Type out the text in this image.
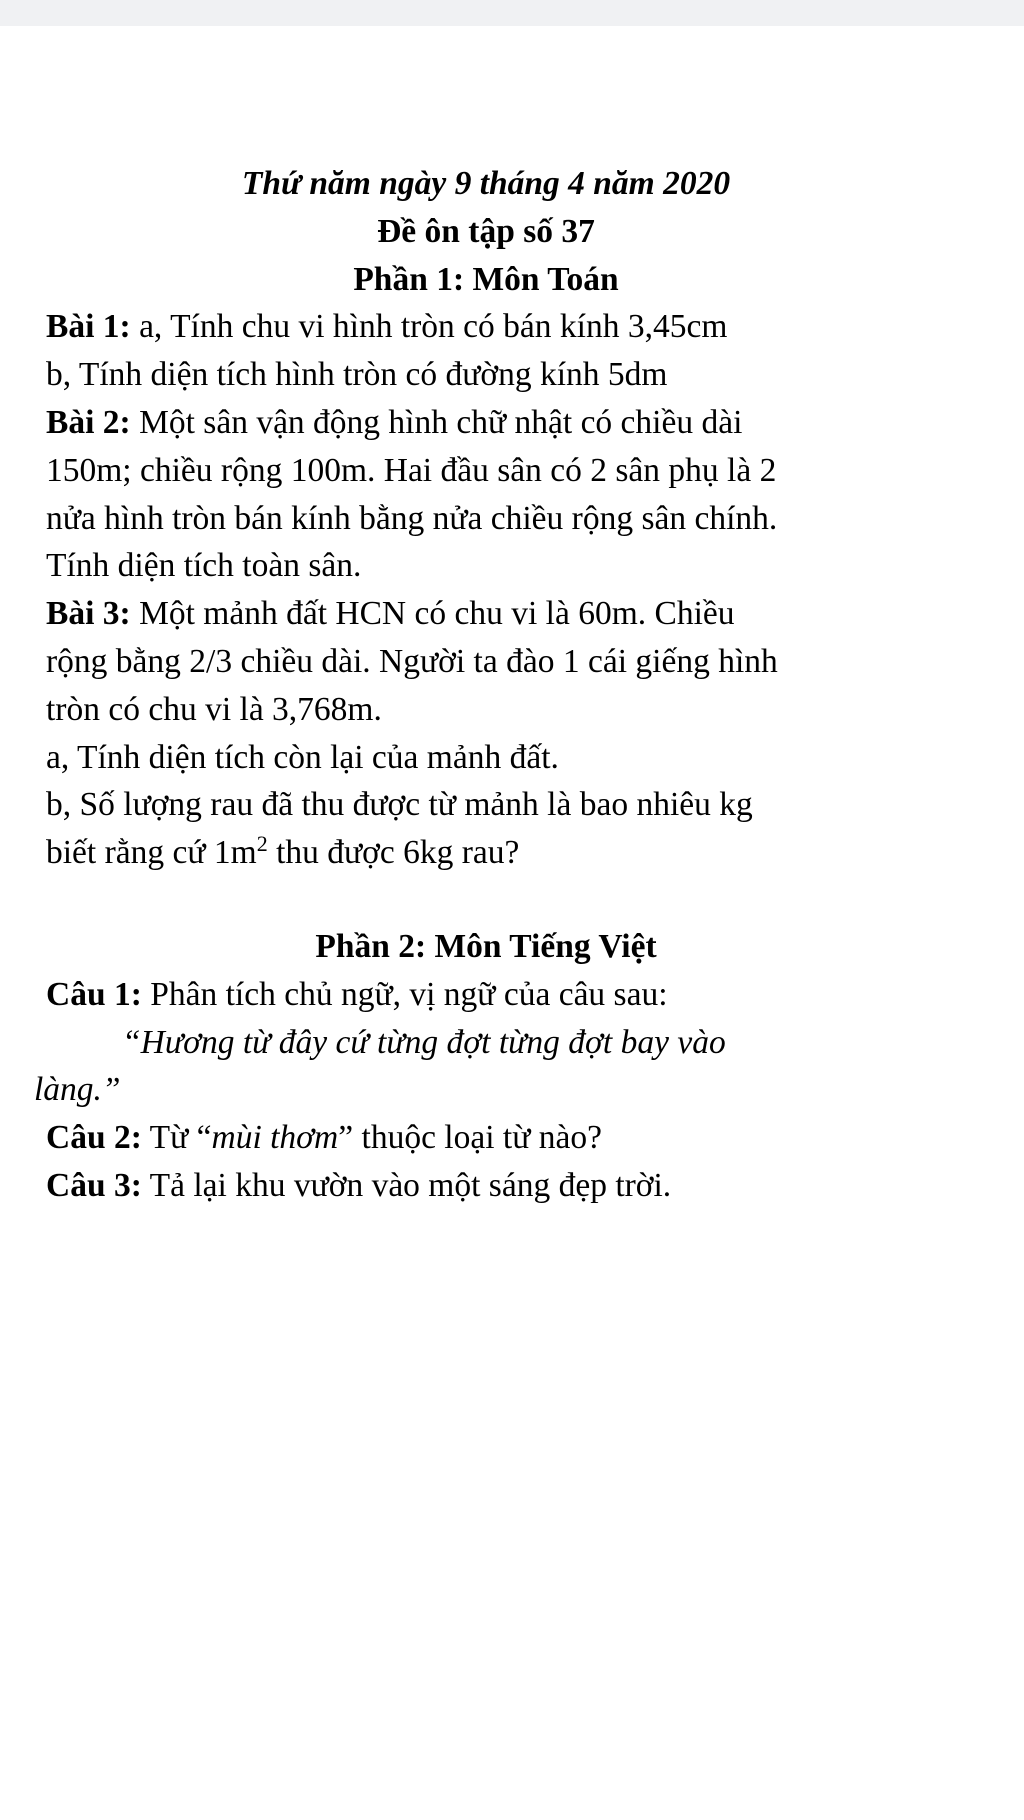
Thứ năm ngày 9 tháng 4 năm 2020
Đề ôn tập số 37
Phần 1: Môn Toán
Bài 1: a, Tính chu vi hình tròn có bán kính 3,45cm
b, Tính diện tích hình tròn có đường kính 5dm
Bài 2: Một sân vận động hình chữ nhật có chiều dài
150m; chiều rộng 100m. Hai đầu sân có 2 sân phụ là 2
nửa hình tròn bán kính bằng nửa chiều rộng sân chính.
Tính diện tích toàn sân.
Bài 3: Một mảnh đất HCN có chu vi là 60m. Chiều
rộng bằng 2/3 chiều dài. Người ta đào 1 cái giếng hình
tròn có chu vi là 3,768m.
a, Tính diện tích còn lại của mảnh đất.
b, Số lượng rau đã thu được từ mảnh là bao nhiêu kg
biết rằng cứ $1m^2$ thu được 6kg rau?
Phần 2: Môn Tiếng Việt
Câu 1: Phân tích chủ ngữ, vị ngữ của câu sau:
“Hương từ đây cứ từng đợt từng đợt bay vào
làng.”
Câu 2: Từ “mùi thơm” thuộc loại từ nào?
Câu 3: Tả lại khu vườn vào một sáng đẹp trời.
